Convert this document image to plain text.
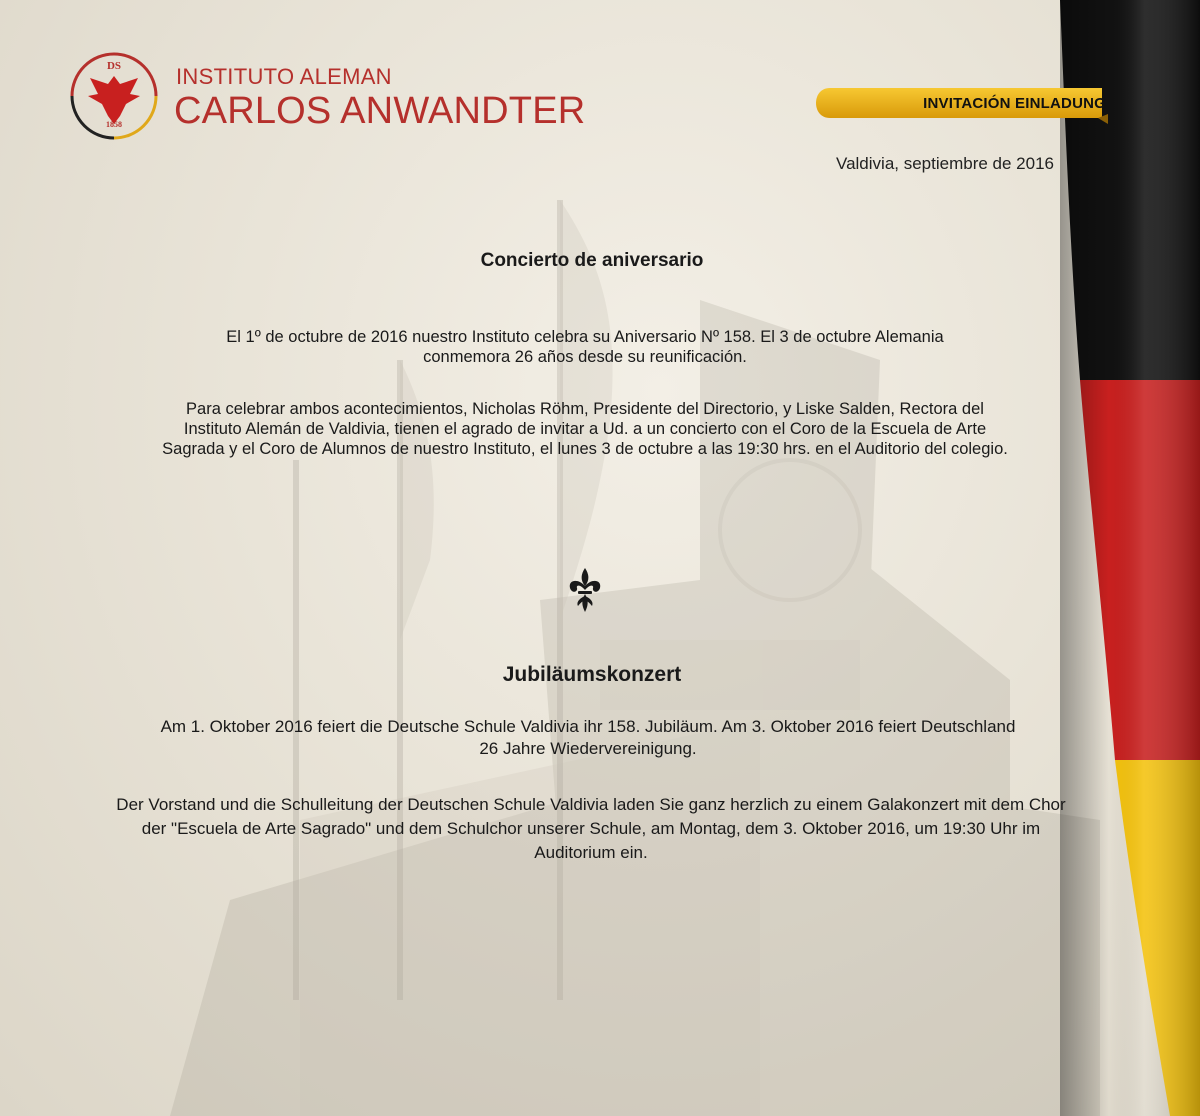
DS
1858
INSTITUTO ALEMAN
CARLOS ANWANDTER	INVITACIÓN EINLADUNG
Valdivia, septiembre de 2016
Concierto de aniversario

El 1º de octubre de 2016 nuestro Instituto celebra su Aniversario Nº 158. El 3 de octubre Alemania conmemora 26 años desde su reunificación.

Para celebrar ambos acontecimientos, Nicholas Röhm, Presidente del Directorio, y Liske Salden, Rectora del Instituto Alemán de Valdivia, tienen el agrado de invitar a Ud. a un concierto con el Coro de la Escuela de Arte Sagrada y el Coro de Alumnos de nuestro Instituto, el lunes 3 de octubre a las 19:30 hrs. en el Auditorio del colegio.

Jubiläumskonzert

Am 1. Oktober 2016 feiert die Deutsche Schule Valdivia ihr 158. Jubiläum. Am 3. Oktober 2016 feiert Deutschland 26 Jahre Wiedervereinigung.

Der Vorstand und die Schulleitung der Deutschen Schule Valdivia laden Sie ganz herzlich zu einem Galakonzert mit dem Chor der "Escuela de Arte Sagrado" und dem Schulchor unserer Schule, am Montag, dem 3. Oktober 2016, um 19:30 Uhr im Auditorium ein.
